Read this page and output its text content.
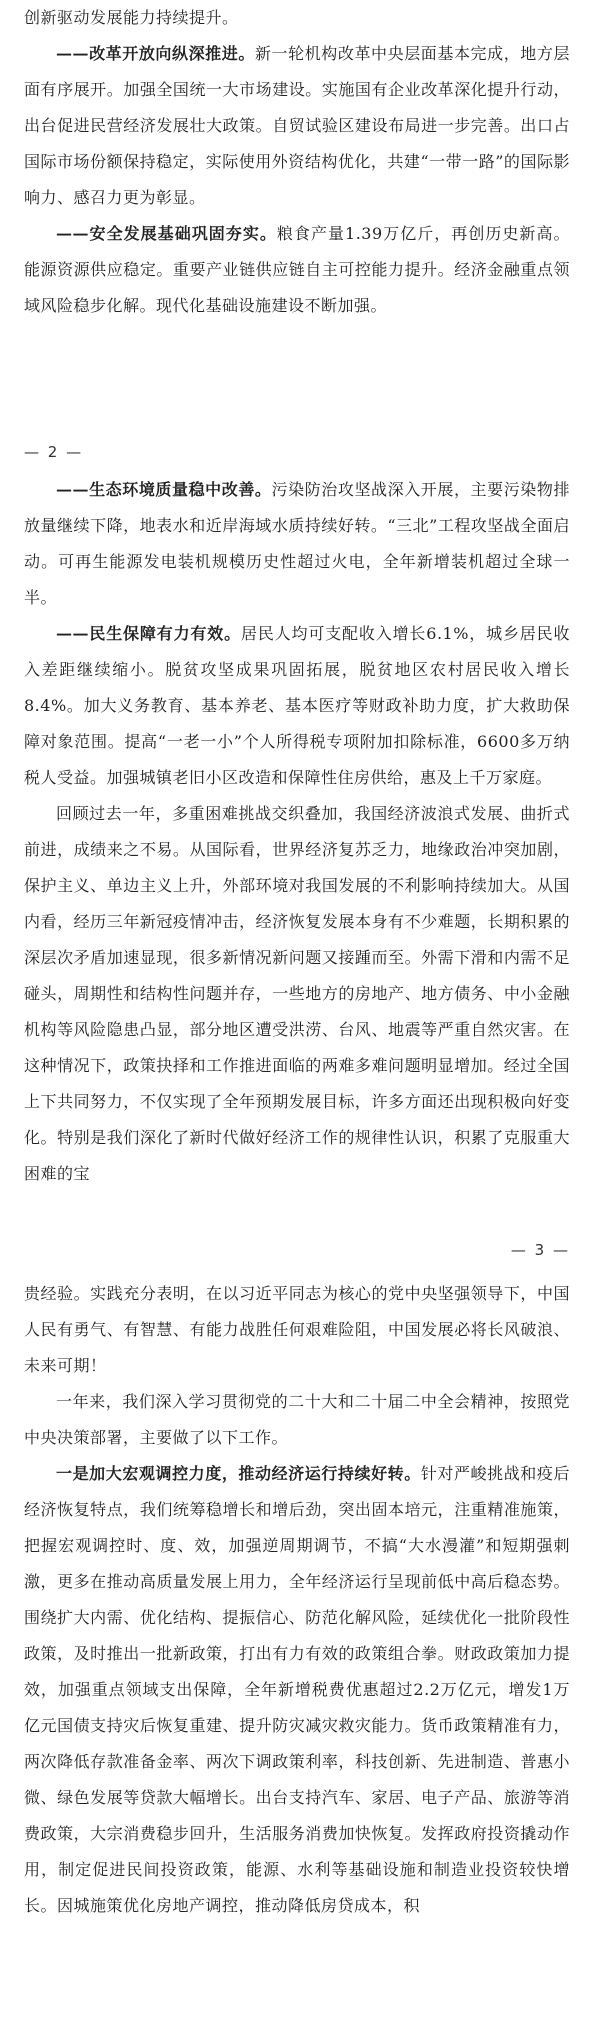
创新驱动发展能力持续提升。

——改革开放向纵深推进。新一轮机构改革中央层面基本完成，地方层面有序展开。加强全国统一大市场建设。实施国有企业改革深化提升行动，出台促进民营经济发展壮大政策。自贸试验区建设布局进一步完善。出口占国际市场份额保持稳定，实际使用外资结构优化，共建“一带一路”的国际影响力、感召力更为彰显。

——安全发展基础巩固夯实。粮食产量1.39万亿斤，再创历史新高。能源资源供应稳定。重要产业链供应链自主可控能力提升。经济金融重点领域风险稳步化解。现代化基础设施建设不断加强。

— 2 —

——生态环境质量稳中改善。污染防治攻坚战深入开展，主要污染物排放量继续下降，地表水和近岸海域水质持续好转。“三北”工程攻坚战全面启动。可再生能源发电装机规模历史性超过火电，全年新增装机超过全球一半。

——民生保障有力有效。居民人均可支配收入增长6.1%，城乡居民收入差距继续缩小。脱贫攻坚成果巩固拓展，脱贫地区农村居民收入增长8.4%。加大义务教育、基本养老、基本医疗等财政补助力度，扩大救助保障对象范围。提高“一老一小”个人所得税专项附加扣除标准，6600多万纳税人受益。加强城镇老旧小区改造和保障性住房供给，惠及上千万家庭。

回顾过去一年，多重困难挑战交织叠加，我国经济波浪式发展、曲折式前进，成绩来之不易。从国际看，世界经济复苏乏力，地缘政治冲突加剧，保护主义、单边主义上升，外部环境对我国发展的不利影响持续加大。从国内看，经历三年新冠疫情冲击，经济恢复发展本身有不少难题，长期积累的深层次矛盾加速显现，很多新情况新问题又接踵而至。外需下滑和内需不足碰头，周期性和结构性问题并存，一些地方的房地产、地方债务、中小金融机构等风险隐患凸显，部分地区遭受洪涝、台风、地震等严重自然灾害。在这种情况下，政策抉择和工作推进面临的两难多难问题明显增加。经过全国上下共同努力，不仅实现了全年预期发展目标，许多方面还出现积极向好变化。特别是我们深化了新时代做好经济工作的规律性认识，积累了克服重大困难的宝

— 3 —

贵经验。实践充分表明，在以习近平同志为核心的党中央坚强领导下，中国人民有勇气、有智慧、有能力战胜任何艰难险阻，中国发展必将长风破浪、未来可期！

一年来，我们深入学习贯彻党的二十大和二十届二中全会精神，按照党中央决策部署，主要做了以下工作。

一是加大宏观调控力度，推动经济运行持续好转。针对严峻挑战和疫后经济恢复特点，我们统筹稳增长和增后劲，突出固本培元，注重精准施策，把握宏观调控时、度、效，加强逆周期调节，不搞“大水漫灌”和短期强刺激，更多在推动高质量发展上用力，全年经济运行呈现前低中高后稳态势。围绕扩大内需、优化结构、提振信心、防范化解风险，延续优化一批阶段性政策，及时推出一批新政策，打出有力有效的政策组合拳。财政政策加力提效，加强重点领域支出保障，全年新增税费优惠超过2.2万亿元，增发1万亿元国债支持灾后恢复重建、提升防灾减灾救灾能力。货币政策精准有力，两次降低存款准备金率、两次下调政策利率，科技创新、先进制造、普惠小微、绿色发展等贷款大幅增长。出台支持汽车、家居、电子产品、旅游等消费政策，大宗消费稳步回升，生活服务消费加快恢复。发挥政府投资撬动作用，制定促进民间投资政策，能源、水利等基础设施和制造业投资较快增长。因城施策优化房地产调控，推动降低房贷成本，积
